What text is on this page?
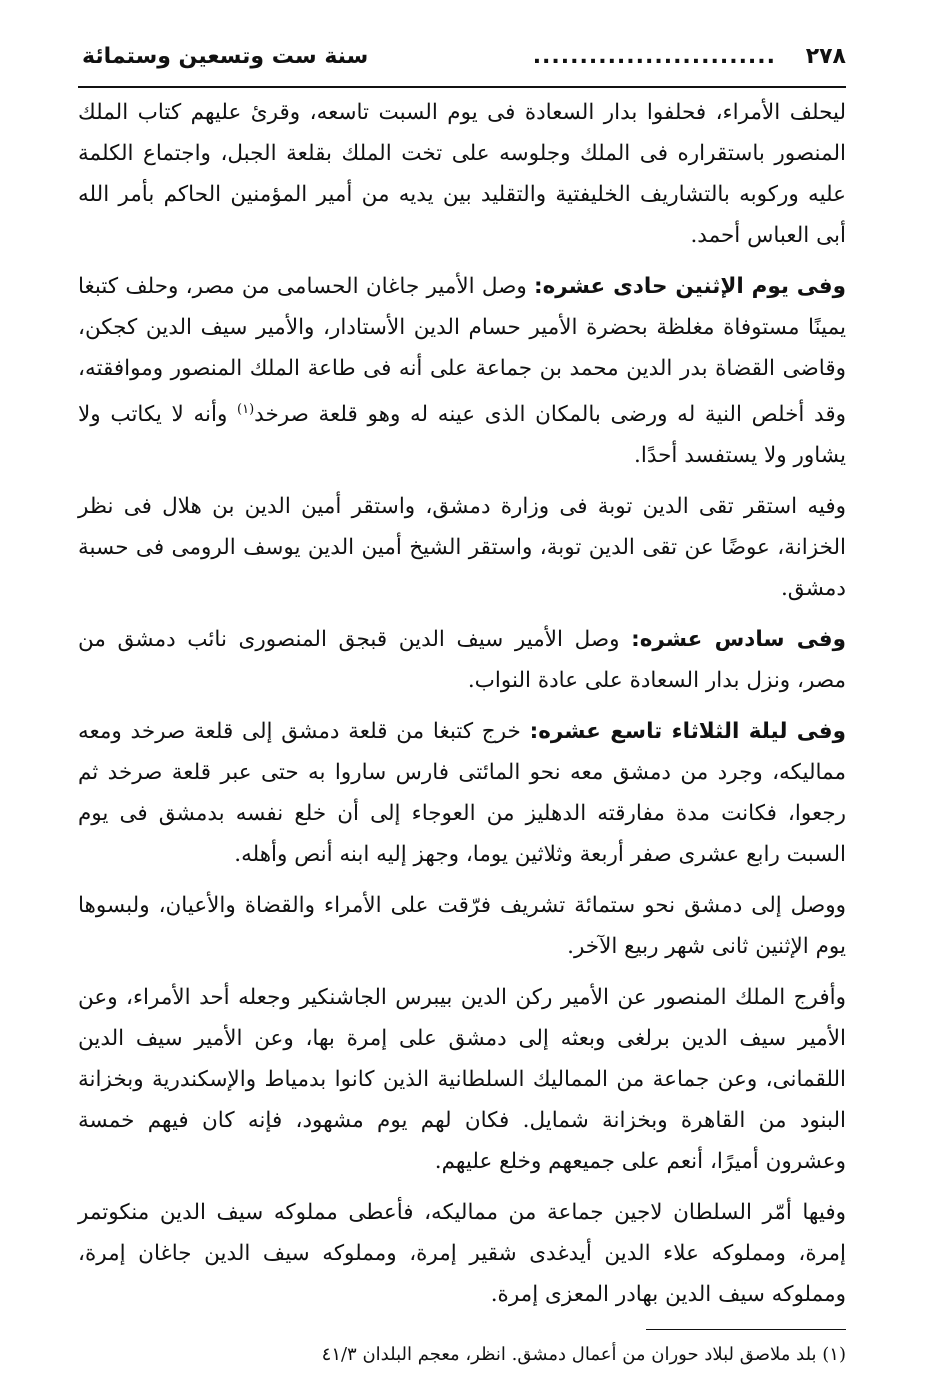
٢٧٨
..........................
سنة ست وتسعين وستمائة

ليحلف الأمراء، فحلفوا بدار السعادة فى يوم السبت تاسعه، وقرئ عليهم كتاب الملك المنصور باستقراره فى الملك وجلوسه على تخت الملك بقلعة الجبل، واجتماع الكلمة عليه وركوبه بالتشاريف الخليفتية والتقليد بين يديه من أمير المؤمنين الحاكم بأمر الله أبى العباس أحمد.

وفى يوم الإثنين حادى عشره: وصل الأمير جاغان الحسامى من مصر، وحلف كتبغا يمينًا مستوفاة مغلظة بحضرة الأمير حسام الدين الأستادار، والأمير سيف الدين كجكن، وقاضى القضاة بدر الدين محمد بن جماعة على أنه فى طاعة الملك المنصور وموافقته، وقد أخلص النية له ورضى بالمكان الذى عينه له وهو قلعة صرخد$^{(١)}$ وأنه لا يكاتب ولا يشاور ولا يستفسد أحدًا.

وفيه استقر تقى الدين توبة فى وزارة دمشق، واستقر أمين الدين بن هلال فى نظر الخزانة، عوضًا عن تقى الدين توبة، واستقر الشيخ أمين الدين يوسف الرومى فى حسبة دمشق.

وفى سادس عشره: وصل الأمير سيف الدين قبجق المنصورى نائب دمشق من مصر، ونزل بدار السعادة على عادة النواب.

وفى ليلة الثلاثاء تاسع عشره: خرج كتبغا من قلعة دمشق إلى قلعة صرخد ومعه مماليكه، وجرد من دمشق معه نحو المائتى فارس ساروا به حتى عبر قلعة صرخد ثم رجعوا، فكانت مدة مفارقته الدهليز من العوجاء إلى أن خلع نفسه بدمشق فى يوم السبت رابع عشرى صفر أربعة وثلاثين يوما، وجهز إليه ابنه أنص وأهله.

ووصل إلى دمشق نحو ستمائة تشريف فرّقت على الأمراء والقضاة والأعيان، ولبسوها يوم الإثنين ثانى شهر ربيع الآخر.

وأفرج الملك المنصور عن الأمير ركن الدين بيبرس الجاشنكير وجعله أحد الأمراء، وعن الأمير سيف الدين برلغى وبعثه إلى دمشق على إمرة بها، وعن الأمير سيف الدين اللقمانى، وعن جماعة من المماليك السلطانية الذين كانوا بدمياط والإسكندرية وبخزانة البنود من القاهرة وبخزانة شمايل. فكان لهم يوم مشهود، فإنه كان فيهم خمسة وعشرون أميرًا، أنعم على جميعهم وخلع عليهم.

وفيها أمّر السلطان لاجين جماعة من مماليكه، فأعطى مملوكه سيف الدين منكوتمر إمرة، ومملوكه علاء الدين أيدغدى شقير إمرة، ومملوكه سيف الدين جاغان إمرة، ومملوكه سيف الدين بهادر المعزى إمرة.

(١) بلد ملاصق لبلاد حوران من أعمال دمشق. انظر، معجم البلدان ٤١/٣
